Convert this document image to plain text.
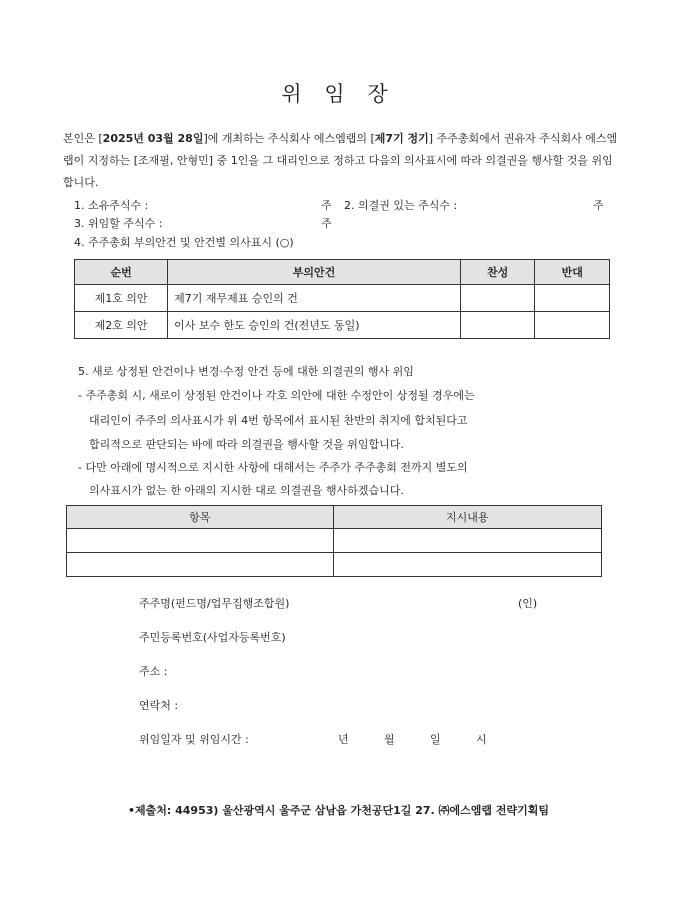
위 임 장
본인은 [2025년 03월 28일]에 개최하는 주식회사 에스엠랩의 [제7기 정기] 주주총회에서 권유자 주식회사 에스엠랩이 지정하는 [조재필, 안형민] 중 1인을 그 대리인으로 정하고 다음의 의사표시에 따라 의결권을 행사할 것을 위임합니다.
1. 소유주식수 :	주 2. 의결권 있는 주식수 :	주
3. 위임할 주식수 :	주
4. 주주총회 부의안건 및 안건별 의사표시 (○)
순번	부의안건	찬성	반대
제1호 의안	제7기 재무제표 승인의 건		
제2호 의안	이사 보수 한도 승인의 건(전년도 동일)		
5. 새로 상정된 안건이나 변경·수정 안건 등에 대한 의결권의 행사 위임
- 주주총회 시, 새로이 상정된 안건이나 각호 의안에 대한 수정안이 상정될 경우에는
대리인이 주주의 의사표시가 위 4번 항목에서 표시된 찬반의 취지에 합치된다고
합리적으로 판단되는 바에 따라 의결권을 행사할 것을 위임합니다.
- 다만 아래에 명시적으로 지시한 사항에 대해서는 주주가 주주총회 전까지 별도의
의사표시가 없는 한 아래의 지시한 대로 의결권을 행사하겠습니다.
항목	지시내용

주주명(펀드명/업무집행조합원)	(인)
주민등록번호(사업자등록번호)
주소 :
연락처 :
위임일자 및 위임시간 :	년	월	일	시
•제출처: 44953) 울산광역시 울주군 삼남읍 가천공단1길 27. ㈜에스엠랩 전략기획팀
